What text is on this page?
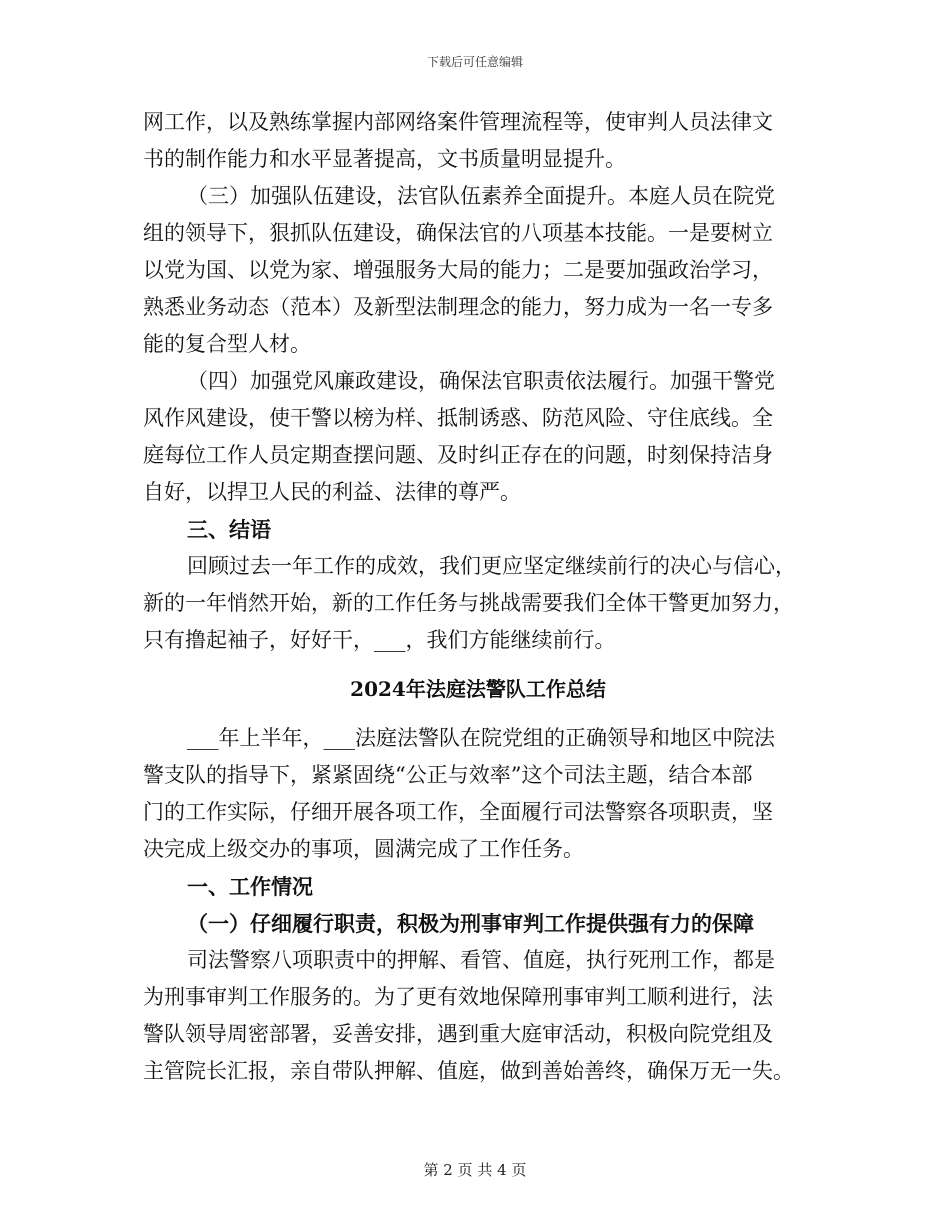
下载后可任意编辑
网工作，以及熟练掌握内部网络案件管理流程等，使审判人员法律文
书的制作能力和水平显著提高，文书质量明显提升。
（三）加强队伍建设，法官队伍素养全面提升。本庭人员在院党
组的领导下，狠抓队伍建设，确保法官的八项基本技能。一是要树立
以党为国、以党为家、增强服务大局的能力；二是要加强政治学习，
熟悉业务动态（范本）及新型法制理念的能力，努力成为一名一专多
能的复合型人材。
（四）加强党风廉政建设，确保法官职责依法履行。加强干警党
风作风建设，使干警以榜为样、抵制诱惑、防范风险、守住底线。全
庭每位工作人员定期查摆问题、及时纠正存在的问题，时刻保持洁身
自好，以捍卫人民的利益、法律的尊严。
三、结语
回顾过去一年工作的成效，我们更应坚定继续前行的决心与信心，
新的一年悄然开始，新的工作任务与挑战需要我们全体干警更加努力，
只有撸起袖子，好好干，___，我们方能继续前行。
2024年法庭法警队工作总结
___年上半年，___法庭法警队在院党组的正确领导和地区中院法
警支队的指导下，紧紧固绕“公正与效率”这个司法主题，结合本部
门的工作实际，仔细开展各项工作，全面履行司法警察各项职责，坚
决完成上级交办的事项，圆满完成了工作任务。
一、工作情况
（一）仔细履行职责，积极为刑事审判工作提供强有力的保障
司法警察八项职责中的押解、看管、值庭，执行死刑工作，都是
为刑事审判工作服务的。为了更有效地保障刑事审判工顺利进行，法
警队领导周密部署，妥善安排，遇到重大庭审活动，积极向院党组及
主管院长汇报，亲自带队押解、值庭，做到善始善终，确保万无一失。
第 2 页 共 4 页
